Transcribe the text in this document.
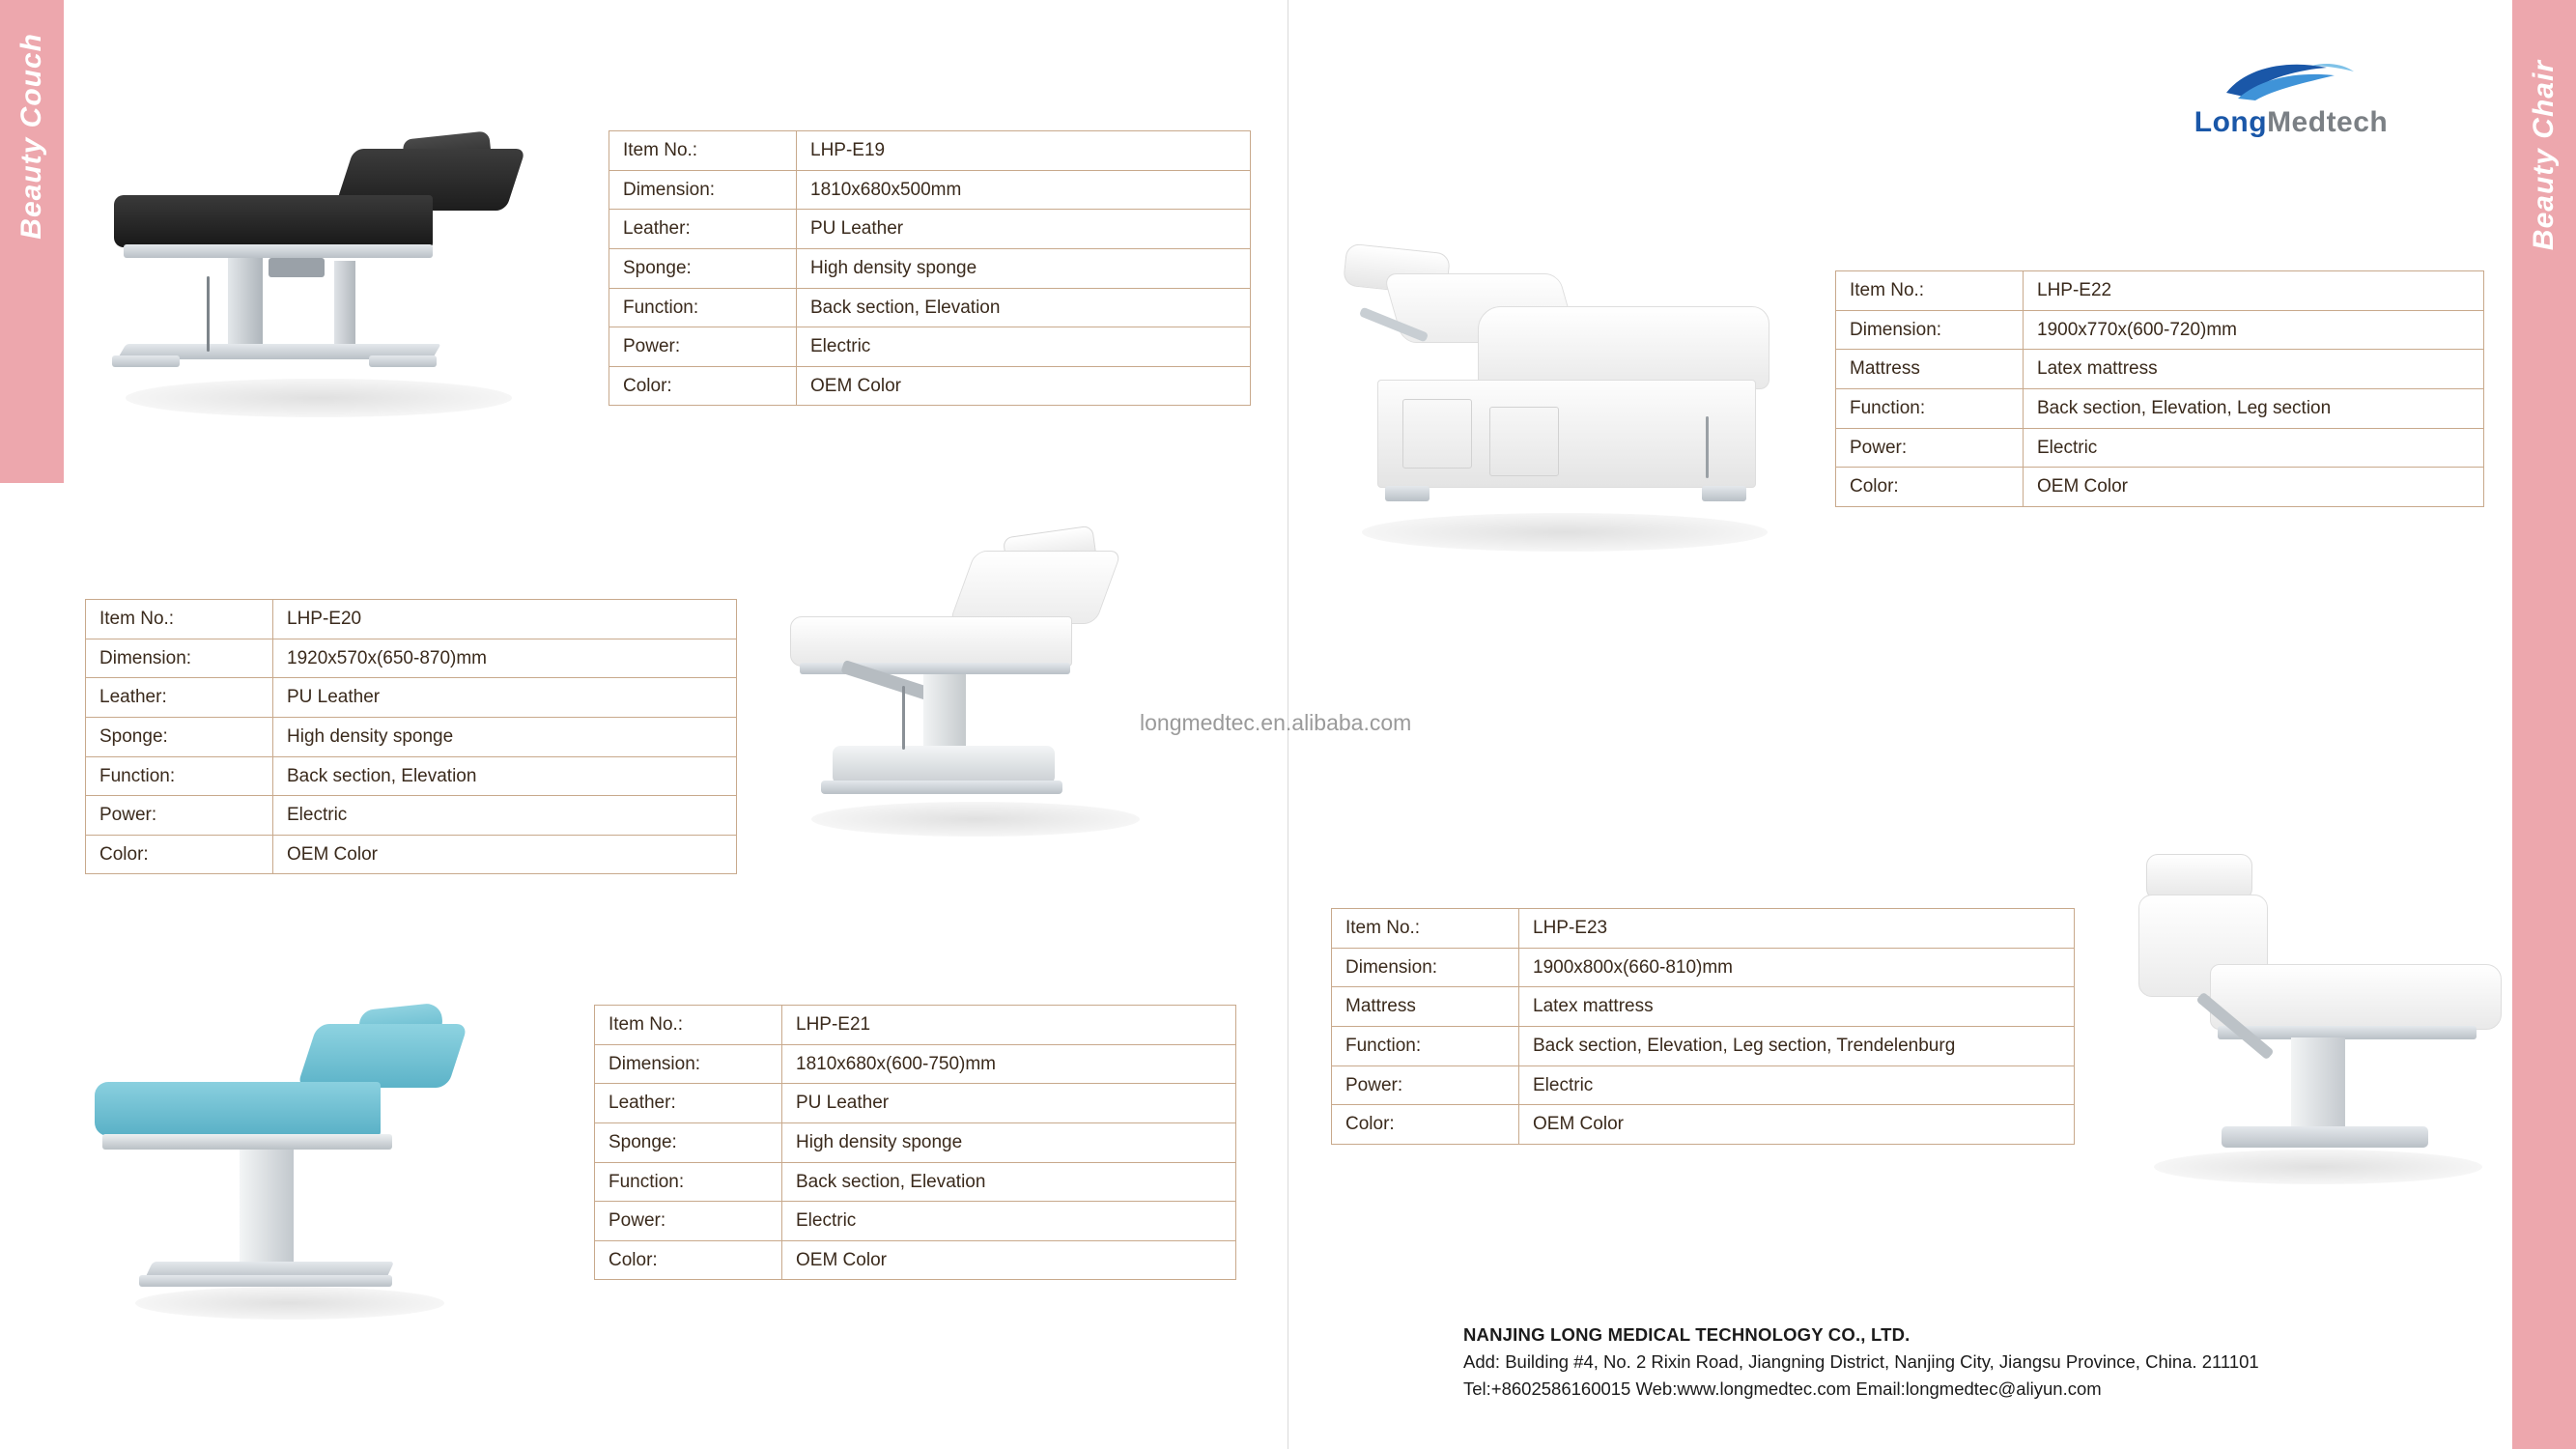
Beauty Couch	Beauty Chair
LongMedtech
Item No.:	LHP-E19
Dimension:	1810x680x500mm
Leather:	PU Leather
Sponge:	High density sponge
Function:	Back section, Elevation
Power:	Electric
Color:	OEM Color
Item No.:	LHP-E20
Dimension:	1920x570x(650-870)mm
Leather:	PU Leather
Sponge:	High density sponge
Function:	Back section, Elevation
Power:	Electric
Color:	OEM Color
longmedtec.en.alibaba.com
Item No.:	LHP-E21
Dimension:	1810x680x(600-750)mm
Leather:	PU Leather
Sponge:	High density sponge
Function:	Back section, Elevation
Power:	Electric
Color:	OEM Color
Item No.:	LHP-E22
Dimension:	1900x770x(600-720)mm
Mattress	Latex mattress
Function:	Back section, Elevation, Leg section
Power:	Electric
Color:	OEM Color
Item No.:	LHP-E23
Dimension:	1900x800x(660-810)mm
Mattress	Latex mattress
Function:	Back section, Elevation, Leg section, Trendelenburg
Power:	Electric
Color:	OEM Color
NANJING LONG MEDICAL TECHNOLOGY CO., LTD.
Add: Building #4, No. 2 Rixin Road, Jiangning District, Nanjing City, Jiangsu Province, China. 211101
Tel:+8602586160015 Web:www.longmedtec.com Email:longmedtec@aliyun.com
